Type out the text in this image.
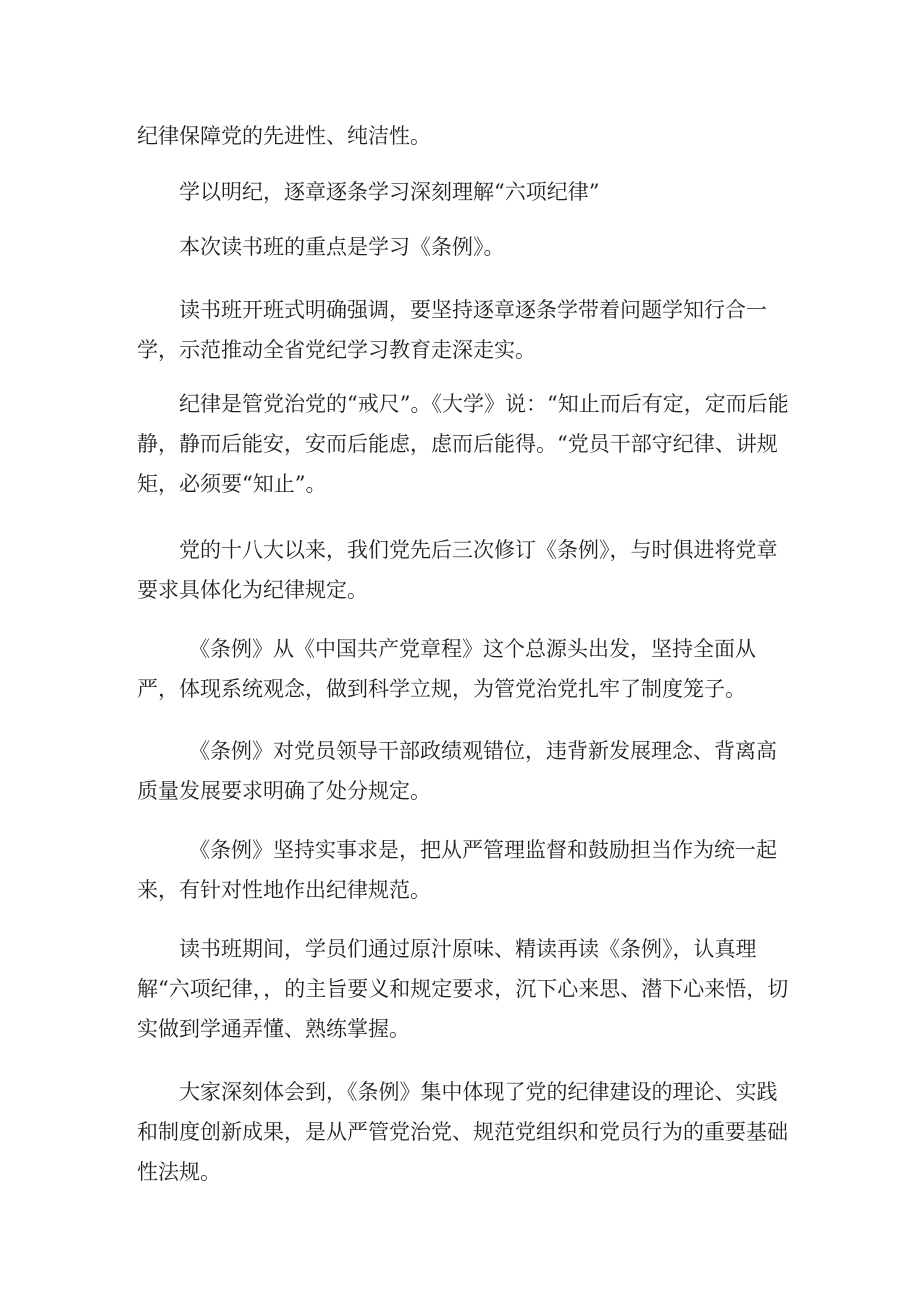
纪律保障党的先进性、纯洁性。

学以明纪，逐章逐条学习深刻理解“六项纪律”

本次读书班的重点是学习《条例》。

读书班开班式明确强调，要坚持逐章逐条学带着问题学知行合一学，示范推动全省党纪学习教育走深走实。

纪律是管党治党的“戒尺”。《大学》说：“知止而后有定，定而后能静，静而后能安，安而后能虑，虑而后能得。“党员干部守纪律、讲规矩，必须要“知止”。

党的十八大以来，我们党先后三次修订《条例》，与时俱进将党章要求具体化为纪律规定。

《条例》从《中国共产党章程》这个总源头出发，坚持全面从严，体现系统观念，做到科学立规，为管党治党扎牢了制度笼子。

《条例》对党员领导干部政绩观错位，违背新发展理念、背离高质量发展要求明确了处分规定。

《条例》坚持实事求是，把从严管理监督和鼓励担当作为统一起来，有针对性地作出纪律规范。

读书班期间，学员们通过原汁原味、精读再读《条例》，认真理解“六项纪律，，的主旨要义和规定要求，沉下心来思、潜下心来悟，切实做到学通弄懂、熟练掌握。

大家深刻体会到，《条例》集中体现了党的纪律建设的理论、实践和制度创新成果，是从严管党治党、规范党组织和党员行为的重要基础性法规。
